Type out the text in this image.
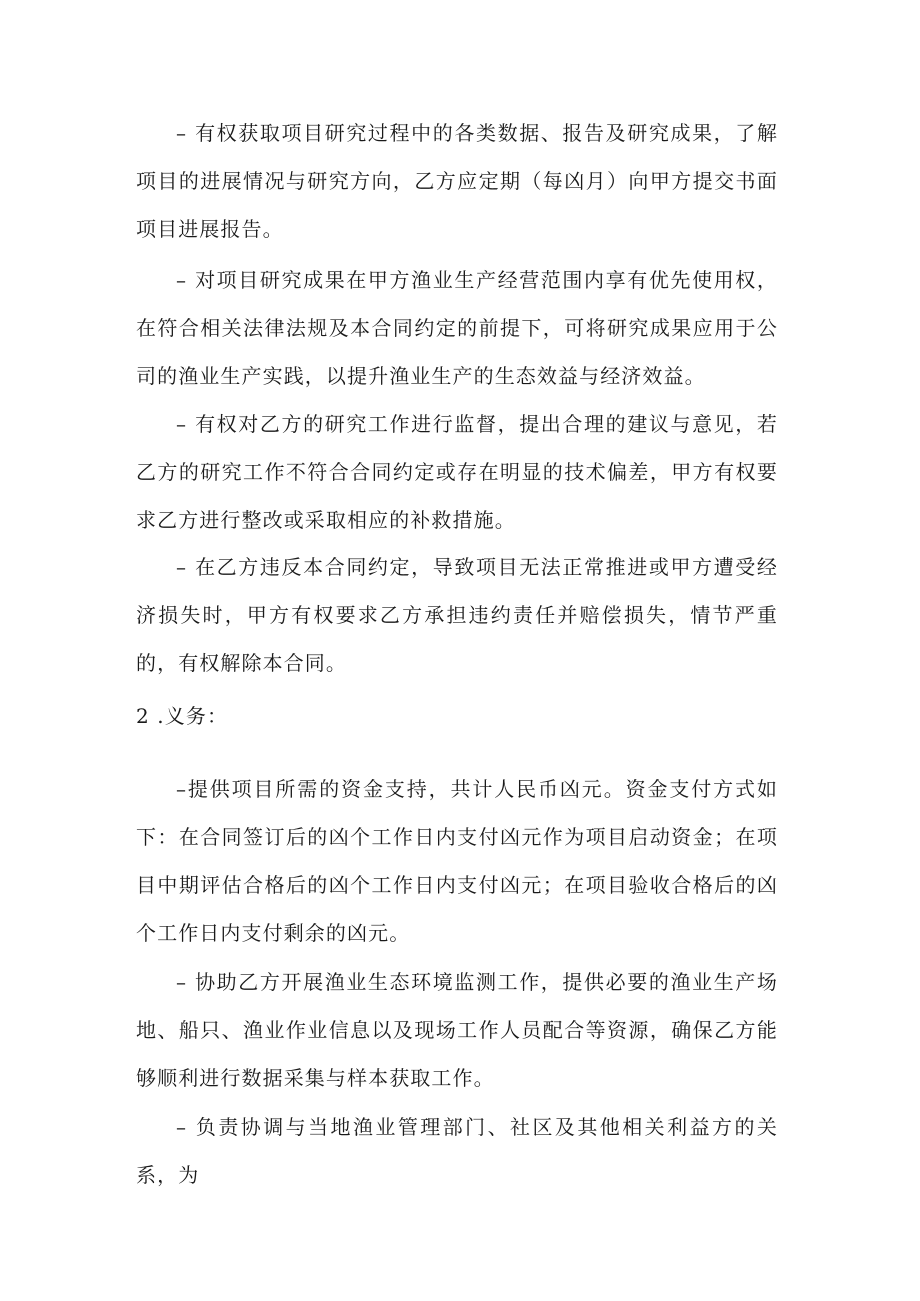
– 有权获取项目研究过程中的各类数据、报告及研究成果，了解项目的进展情况与研究方向，乙方应定期（每凶月）向甲方提交书面项目进展报告。

– 对项目研究成果在甲方渔业生产经营范围内享有优先使用权，在符合相关法律法规及本合同约定的前提下，可将研究成果应用于公司的渔业生产实践，以提升渔业生产的生态效益与经济效益。

– 有权对乙方的研究工作进行监督，提出合理的建议与意见，若乙方的研究工作不符合合同约定或存在明显的技术偏差，甲方有权要求乙方进行整改或采取相应的补救措施。

– 在乙方违反本合同约定，导致项目无法正常推进或甲方遭受经济损失时，甲方有权要求乙方承担违约责任并赔偿损失，情节严重的，有权解除本合同。

2 .义务：

–提供项目所需的资金支持，共计人民币凶元。资金支付方式如下：在合同签订后的凶个工作日内支付凶元作为项目启动资金；在项目中期评估合格后的凶个工作日内支付凶元；在项目验收合格后的凶个工作日内支付剩余的凶元。

– 协助乙方开展渔业生态环境监测工作，提供必要的渔业生产场地、船只、渔业作业信息以及现场工作人员配合等资源，确保乙方能够顺利进行数据采集与样本获取工作。

– 负责协调与当地渔业管理部门、社区及其他相关利益方的关系，为
